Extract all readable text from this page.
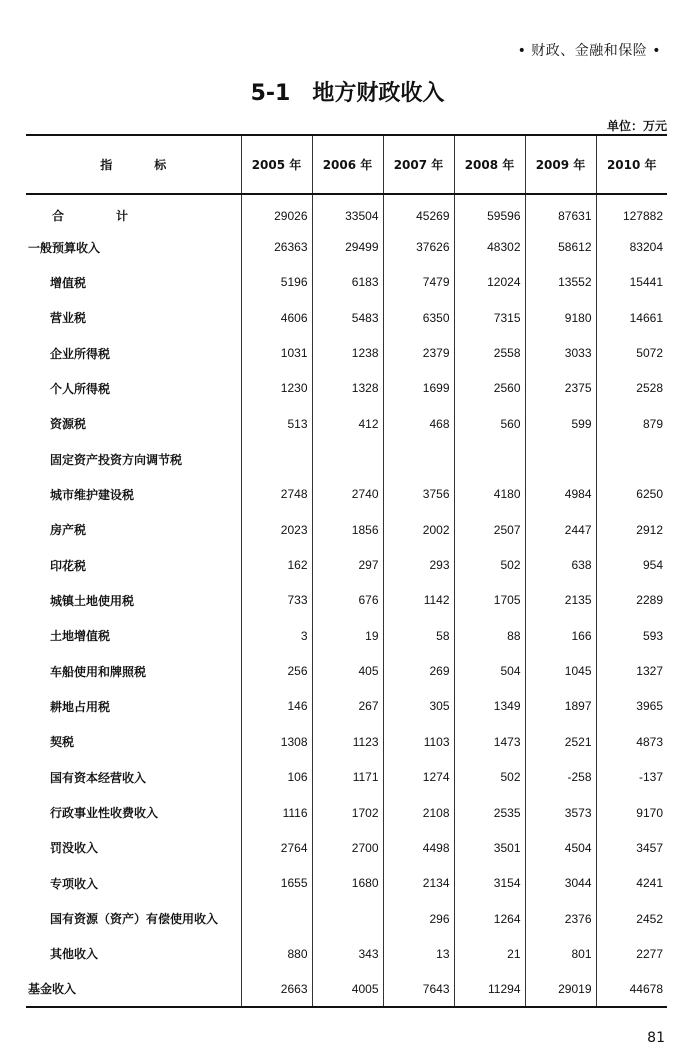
• 财政、金融和保险 •
5-1 地方财政收入
单位：万元
指标	2005 年	2006 年	2007 年	2008 年	2009 年	2010 年
合计	29026	33504	45269	59596	87631	127882
一般预算收入	26363	29499	37626	48302	58612	83204
增值税	5196	6183	7479	12024	13552	15441
营业税	4606	5483	6350	7315	9180	14661
企业所得税	1031	1238	2379	2558	3033	5072
个人所得税	1230	1328	1699	2560	2375	2528
资源税	513	412	468	560	599	879
固定资产投资方向调节税						
城市维护建设税	2748	2740	3756	4180	4984	6250
房产税	2023	1856	2002	2507	2447	2912
印花税	162	297	293	502	638	954
城镇土地使用税	733	676	1142	1705	2135	2289
土地增值税	3	19	58	88	166	593
车船使用和牌照税	256	405	269	504	1045	1327
耕地占用税	146	267	305	1349	1897	3965
契税	1308	1123	1103	1473	2521	4873
国有资本经营收入	106	1171	1274	502	-258	-137
行政事业性收费收入	1116	1702	2108	2535	3573	9170
罚没收入	2764	2700	4498	3501	4504	3457
专项收入	1655	1680	2134	3154	3044	4241
国有资源（资产）有偿使用收入			296	1264	2376	2452
其他收入	880	343	13	21	801	2277
基金收入	2663	4005	7643	11294	29019	44678
81
